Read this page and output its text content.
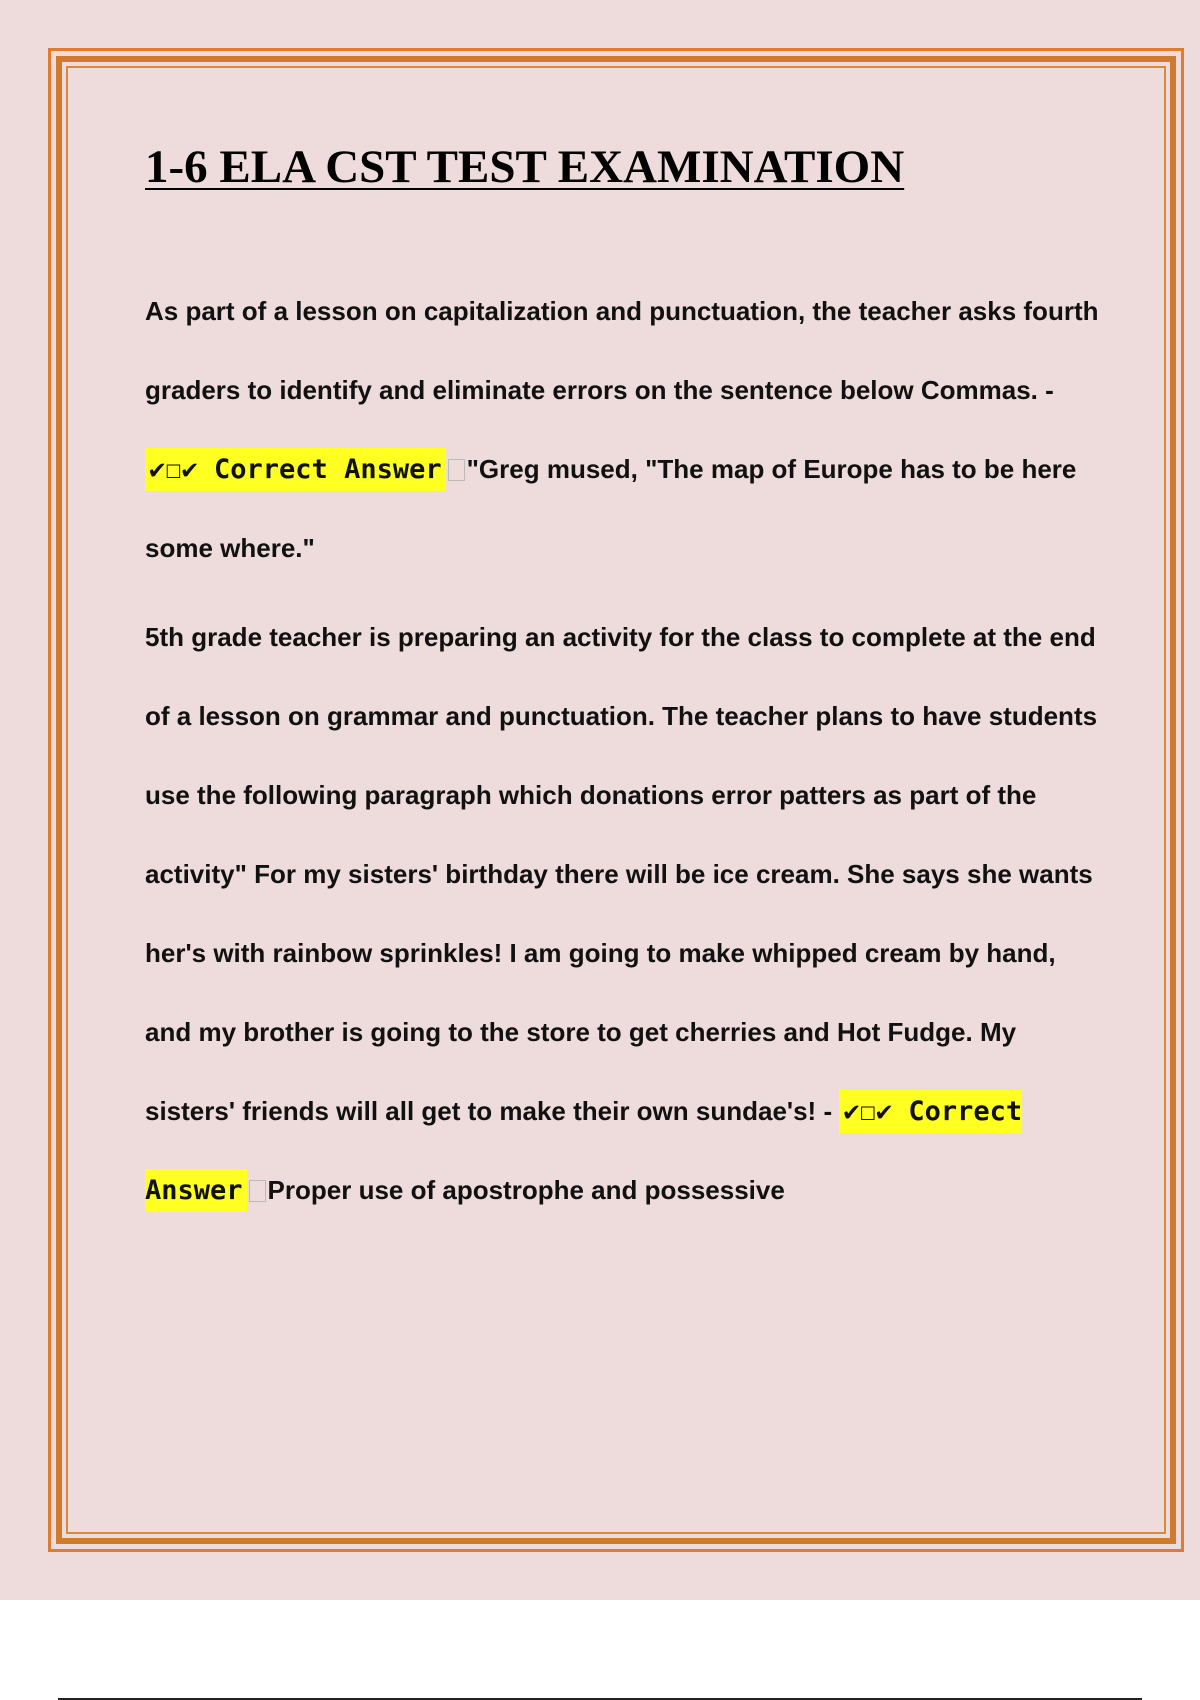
1-6 ELA CST TEST EXAMINATION

As part of a lesson on capitalization and punctuation, the teacher asks fourth graders to identify and eliminate errors on the sentence below Commas. - ✔☐✔ Correct Answer "Greg mused, "The map of Europe has to be here some where."

5th grade teacher is preparing an activity for the class to complete at the end of a lesson on grammar and punctuation. The teacher plans to have students use the following paragraph which donations error patters as part of the activity" For my sisters' birthday there will be ice cream. She says she wants her's with rainbow sprinkles! I am going to make whipped cream by hand, and my brother is going to the store to get cherries and Hot Fudge. My sisters' friends will all get to make their own sundae's! - ✔☐✔ Correct Answer Proper use of apostrophe and possessive
